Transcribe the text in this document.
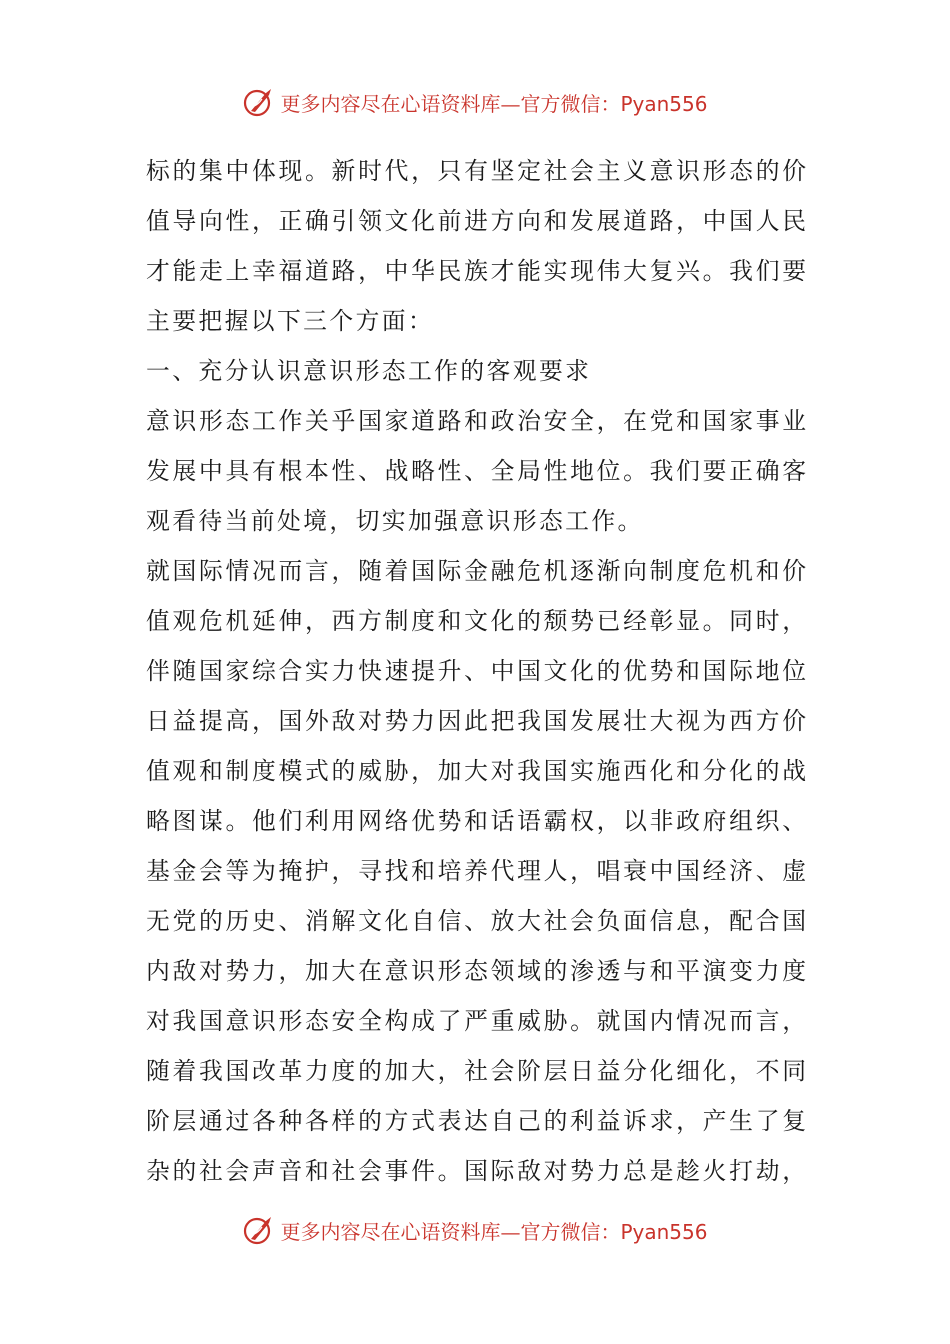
更多内容尽在心语资料库— 官方微信：Pyan556
标的集中体现。新时代，只有坚定社会主义意识形态的价
值导向性，正确引领文化前进方向和发展道路，中国人民
才能走上幸福道路，中华民族才能实现伟大复兴。我们要
主要把握以下三个方面：
一、充分认识意识形态工作的客观要求
意识形态工作关乎国家道路和政治安全，在党和国家事业
发展中具有根本性、战略性、全局性地位。我们要正确客
观看待当前处境，切实加强意识形态工作。
就国际情况而言，随着国际金融危机逐渐向制度危机和价
值观危机延伸，西方制度和文化的颓势已经彰显。同时，
伴随国家综合实力快速提升、中国文化的优势和国际地位
日益提高，国外敌对势力因此把我国发展壮大视为西方价
值观和制度模式的威胁，加大对我国实施西化和分化的战
略图谋。他们利用网络优势和话语霸权，以非政府组织、
基金会等为掩护，寻找和培养代理人，唱衰中国经济、虚
无党的历史、消解文化自信、放大社会负面信息，配合国
内敌对势力，加大在意识形态领域的渗透与和平演变力度
对我国意识形态安全构成了严重威胁。就国内情况而言，
随着我国改革力度的加大，社会阶层日益分化细化，不同
阶层通过各种各样的方式表达自己的利益诉求，产生了复
杂的社会声音和社会事件。国际敌对势力总是趁火打劫，
更多内容尽在心语资料库— 官方微信：Pyan556
